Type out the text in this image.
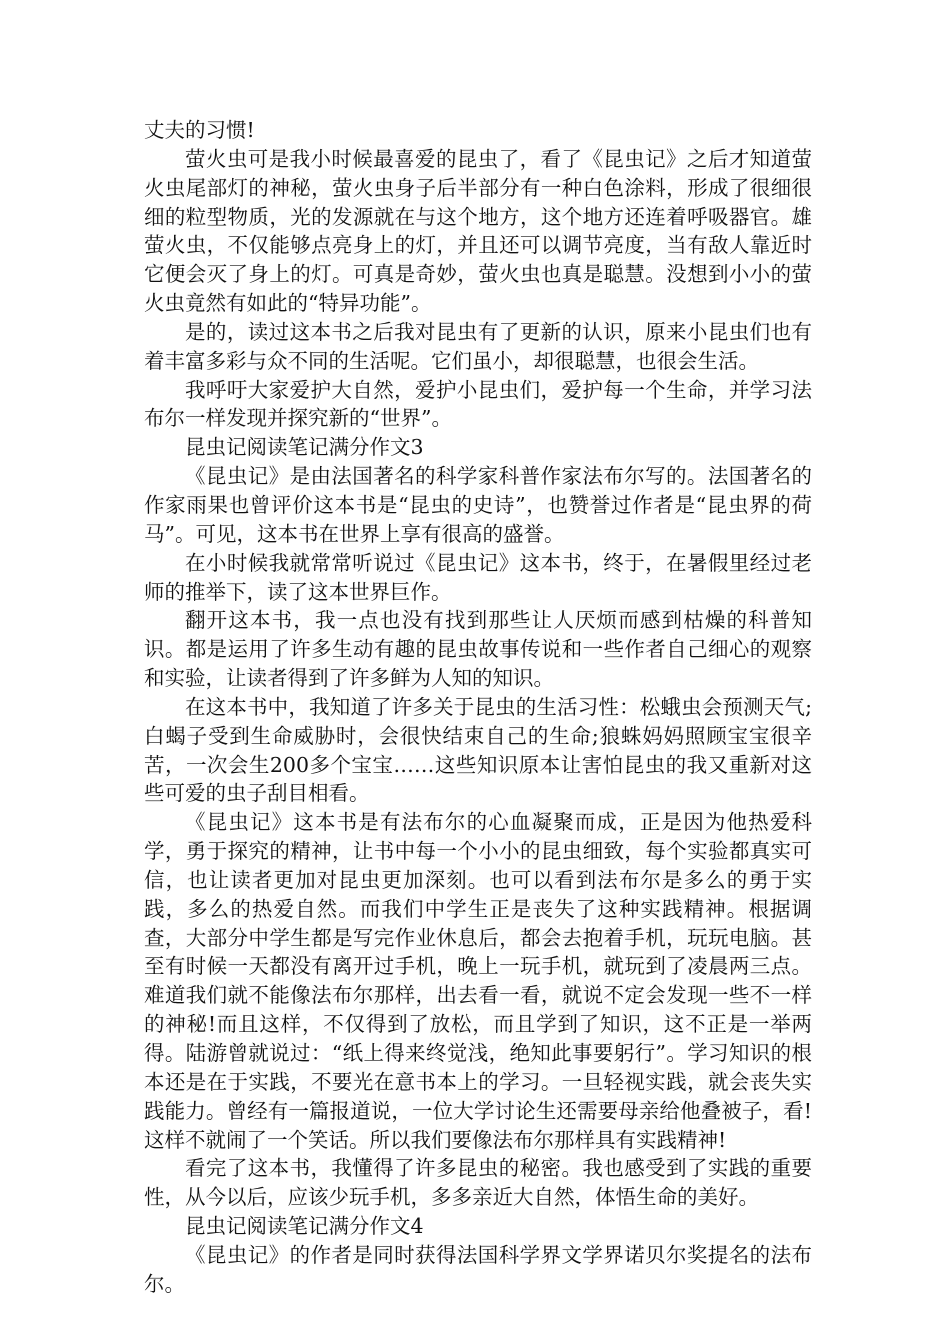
丈夫的习惯!

萤火虫可是我小时候最喜爱的昆虫了，看了《昆虫记》之后才知道萤火虫尾部灯的神秘，萤火虫身子后半部分有一种白色涂料，形成了很细很细的粒型物质，光的发源就在与这个地方，这个地方还连着呼吸器官。雄萤火虫，不仅能够点亮身上的灯，并且还可以调节亮度，当有敌人靠近时它便会灭了身上的灯。可真是奇妙，萤火虫也真是聪慧。没想到小小的萤火虫竟然有如此的“特异功能”。

是的，读过这本书之后我对昆虫有了更新的认识，原来小昆虫们也有着丰富多彩与众不同的生活呢。它们虽小，却很聪慧，也很会生活。

我呼吁大家爱护大自然，爱护小昆虫们，爱护每一个生命，并学习法布尔一样发现并探究新的“世界”。

昆虫记阅读笔记满分作文3

《昆虫记》是由法国著名的科学家科普作家法布尔写的。法国著名的作家雨果也曾评价这本书是“昆虫的史诗”，也赞誉过作者是“昆虫界的荷马”。可见，这本书在世界上享有很高的盛誉。

在小时候我就常常听说过《昆虫记》这本书，终于，在暑假里经过老师的推举下，读了这本世界巨作。

翻开这本书，我一点也没有找到那些让人厌烦而感到枯燥的科普知识。都是运用了许多生动有趣的昆虫故事传说和一些作者自己细心的观察和实验，让读者得到了许多鲜为人知的知识。

在这本书中，我知道了许多关于昆虫的生活习性：松蛾虫会预测天气;白蝎子受到生命威胁时，会很快结束自己的生命;狼蛛妈妈照顾宝宝很辛苦，一次会生200多个宝宝……这些知识原本让害怕昆虫的我又重新对这些可爱的虫子刮目相看。

《昆虫记》这本书是有法布尔的心血凝聚而成，正是因为他热爱科学，勇于探究的精神，让书中每一个小小的昆虫细致，每个实验都真实可信，也让读者更加对昆虫更加深刻。也可以看到法布尔是多么的勇于实践，多么的热爱自然。而我们中学生正是丧失了这种实践精神。根据调查，大部分中学生都是写完作业休息后，都会去抱着手机，玩玩电脑。甚至有时候一天都没有离开过手机，晚上一玩手机，就玩到了凌晨两三点。难道我们就不能像法布尔那样，出去看一看，就说不定会发现一些不一样的神秘!而且这样，不仅得到了放松，而且学到了知识，这不正是一举两得。陆游曾就说过：“纸上得来终觉浅，绝知此事要躬行”。学习知识的根本还是在于实践，不要光在意书本上的学习。一旦轻视实践，就会丧失实践能力。曾经有一篇报道说，一位大学讨论生还需要母亲给他叠被子，看!这样不就闹了一个笑话。所以我们要像法布尔那样具有实践精神!

看完了这本书，我懂得了许多昆虫的秘密。我也感受到了实践的重要性，从今以后，应该少玩手机，多多亲近大自然，体悟生命的美好。

昆虫记阅读笔记满分作文4

《昆虫记》的作者是同时获得法国科学界文学界诺贝尔奖提名的法布尔。
